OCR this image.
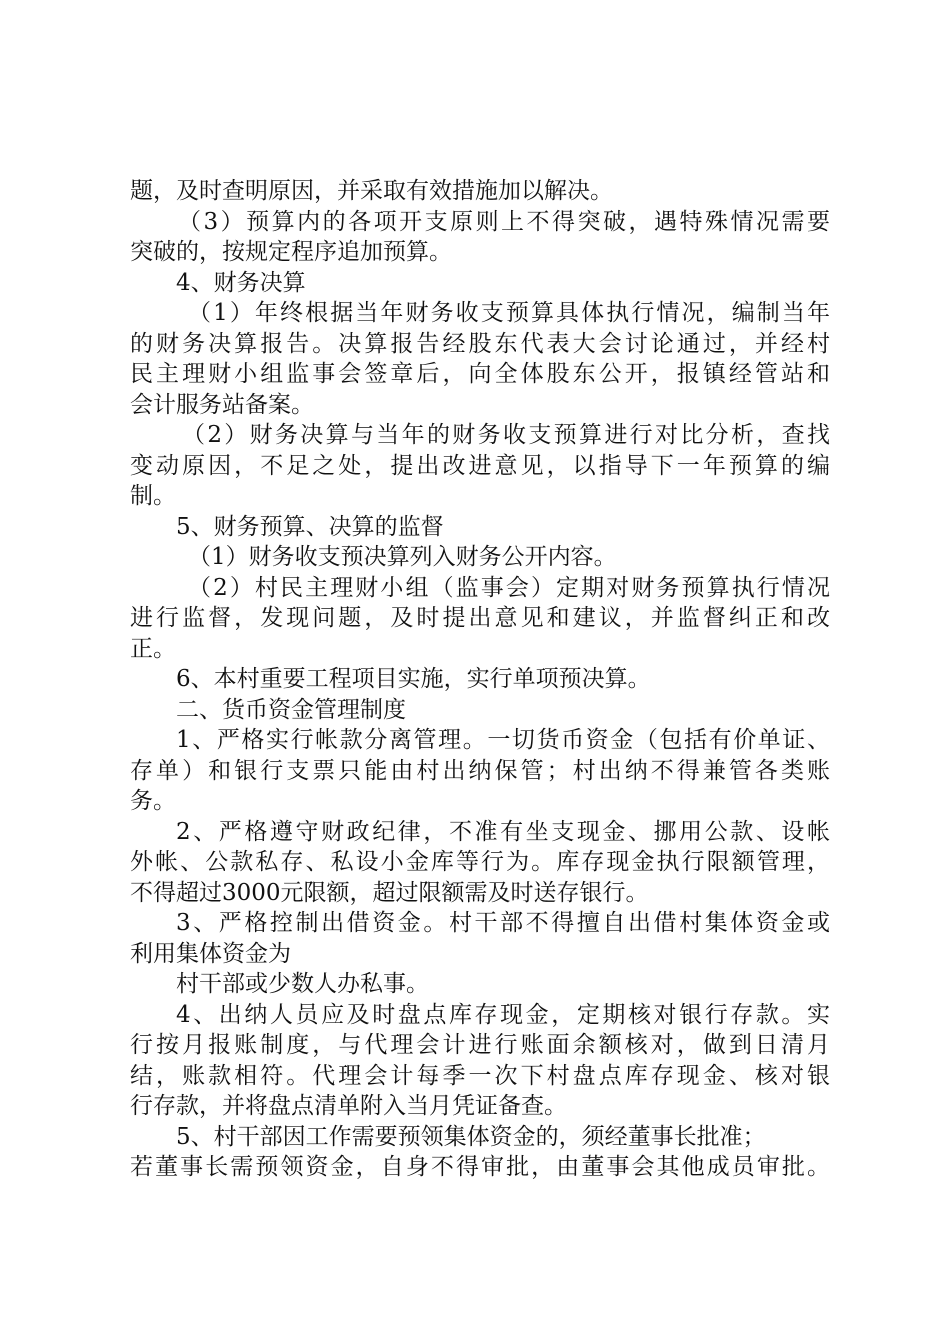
题，及时查明原因，并采取有效措施加以解决。
（3）预算内的各项开支原则上不得突破，遇特殊情况需要
突破的，按规定程序追加预算。
4、财务决算
（1）年终根据当年财务收支预算具体执行情况，编制当年
的财务决算报告。决算报告经股东代表大会讨论通过，并经村
民主理财小组监事会签章后，向全体股东公开，报镇经管站和
会计服务站备案。
（2）财务决算与当年的财务收支预算进行对比分析，查找
变动原因，不足之处，提出改进意见，以指导下一年预算的编
制。
5、财务预算、决算的监督
（1）财务收支预决算列入财务公开内容。
（2）村民主理财小组（监事会）定期对财务预算执行情况
进行监督，发现问题，及时提出意见和建议，并监督纠正和改
正。
6、本村重要工程项目实施，实行单项预决算。
二、货币资金管理制度
1、严格实行帐款分离管理。一切货币资金（包括有价单证、
存单）和银行支票只能由村出纳保管；村出纳不得兼管各类账
务。
2、严格遵守财政纪律，不准有坐支现金、挪用公款、设帐
外帐、公款私存、私设小金库等行为。库存现金执行限额管理，
不得超过3000元限额，超过限额需及时送存银行。
3、严格控制出借资金。村干部不得擅自出借村集体资金或
利用集体资金为
村干部或少数人办私事。
4、出纳人员应及时盘点库存现金，定期核对银行存款。实
行按月报账制度，与代理会计进行账面余额核对，做到日清月
结，账款相符。代理会计每季一次下村盘点库存现金、核对银
行存款，并将盘点清单附入当月凭证备查。
5、村干部因工作需要预领集体资金的，须经董事长批准；
若董事长需预领资金，自身不得审批，由董事会其他成员审批。
